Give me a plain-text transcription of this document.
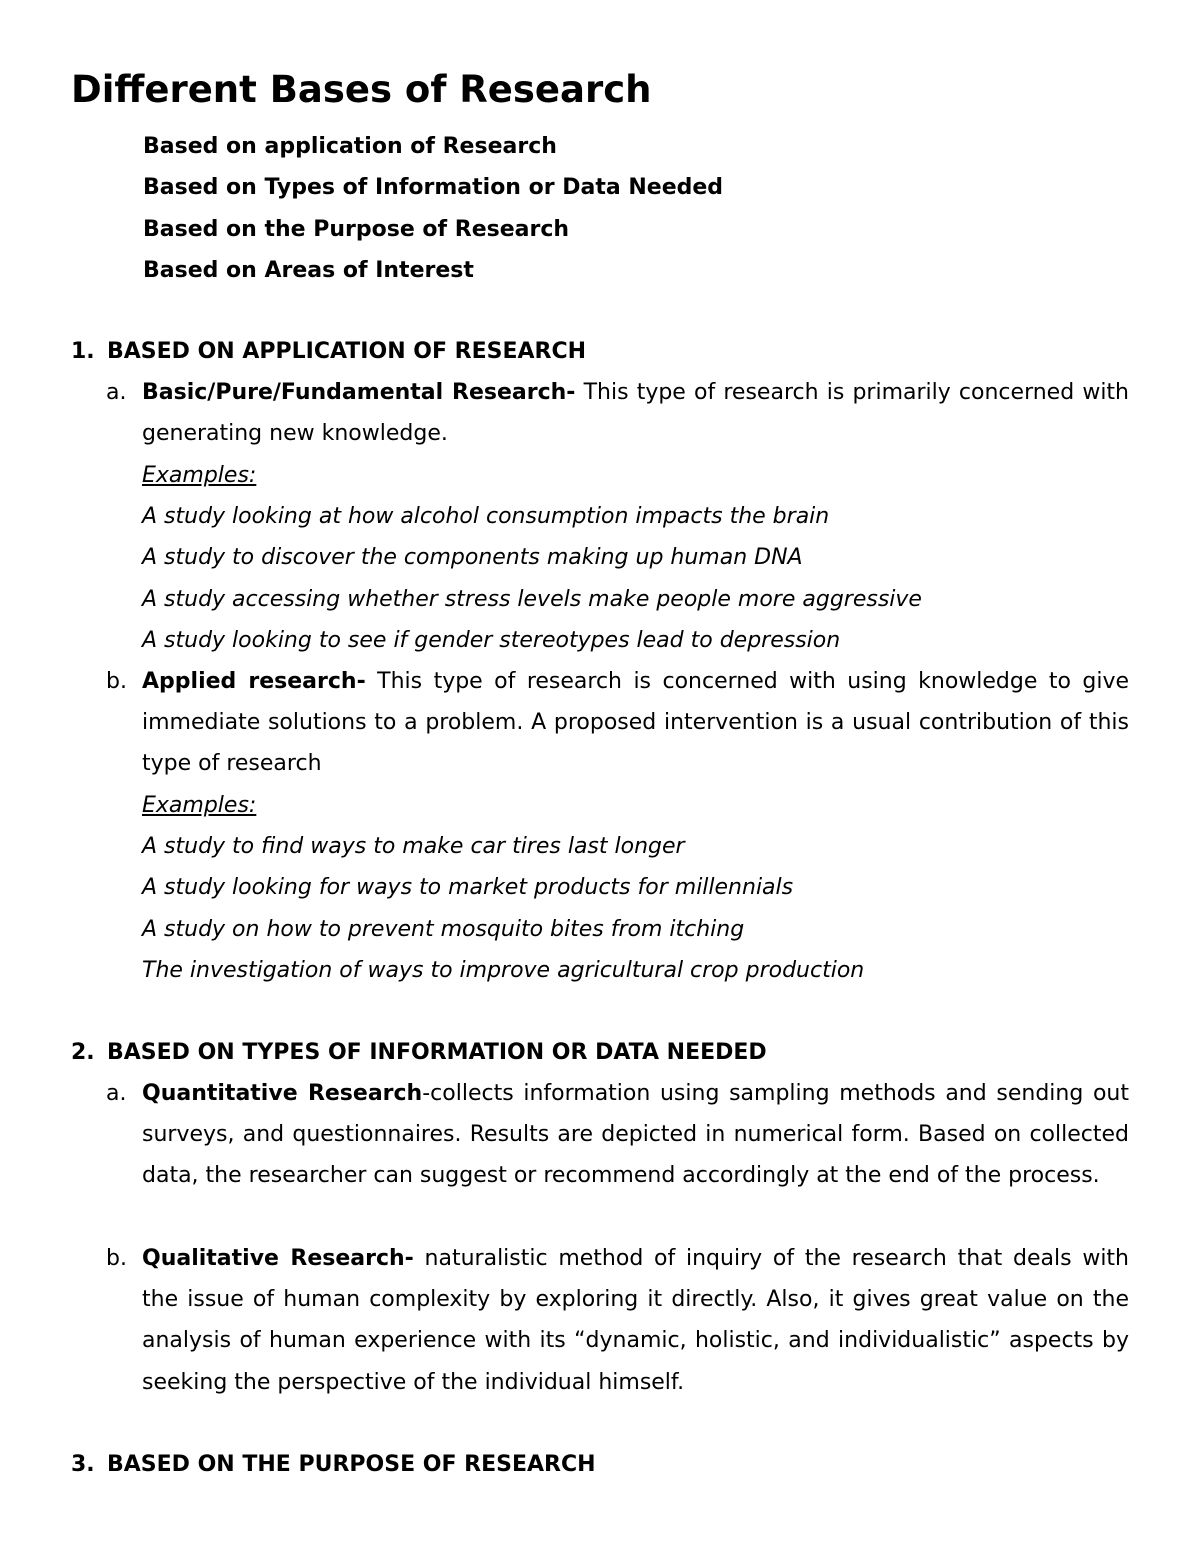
Different Bases of Research
Based on application of Research
Based on Types of Information or Data Needed
Based on the Purpose of Research
Based on Areas of Interest
1. BASED ON APPLICATION OF RESEARCH
a. Basic/Pure/Fundamental Research- This type of research is primarily concerned with generating new knowledge.
Examples:
A study looking at how alcohol consumption impacts the brain
A study to discover the components making up human DNA
A study accessing whether stress levels make people more aggressive
A study looking to see if gender stereotypes lead to depression
b. Applied research- This type of research is concerned with using knowledge to give immediate solutions to a problem. A proposed intervention is a usual contribution of this type of research
Examples:
A study to find ways to make car tires last longer
A study looking for ways to market products for millennials
A study on how to prevent mosquito bites from itching
The investigation of ways to improve agricultural crop production
2. BASED ON TYPES OF INFORMATION OR DATA NEEDED
a. Quantitative Research-collects information using sampling methods and sending out surveys, and questionnaires. Results are depicted in numerical form. Based on collected data, the researcher can suggest or recommend accordingly at the end of the process.
b. Qualitative Research- naturalistic method of inquiry of the research that deals with the issue of human complexity by exploring it directly. Also, it gives great value on the analysis of human experience with its “dynamic, holistic, and individualistic” aspects by seeking the perspective of the individual himself.
3. BASED ON THE PURPOSE OF RESEARCH
